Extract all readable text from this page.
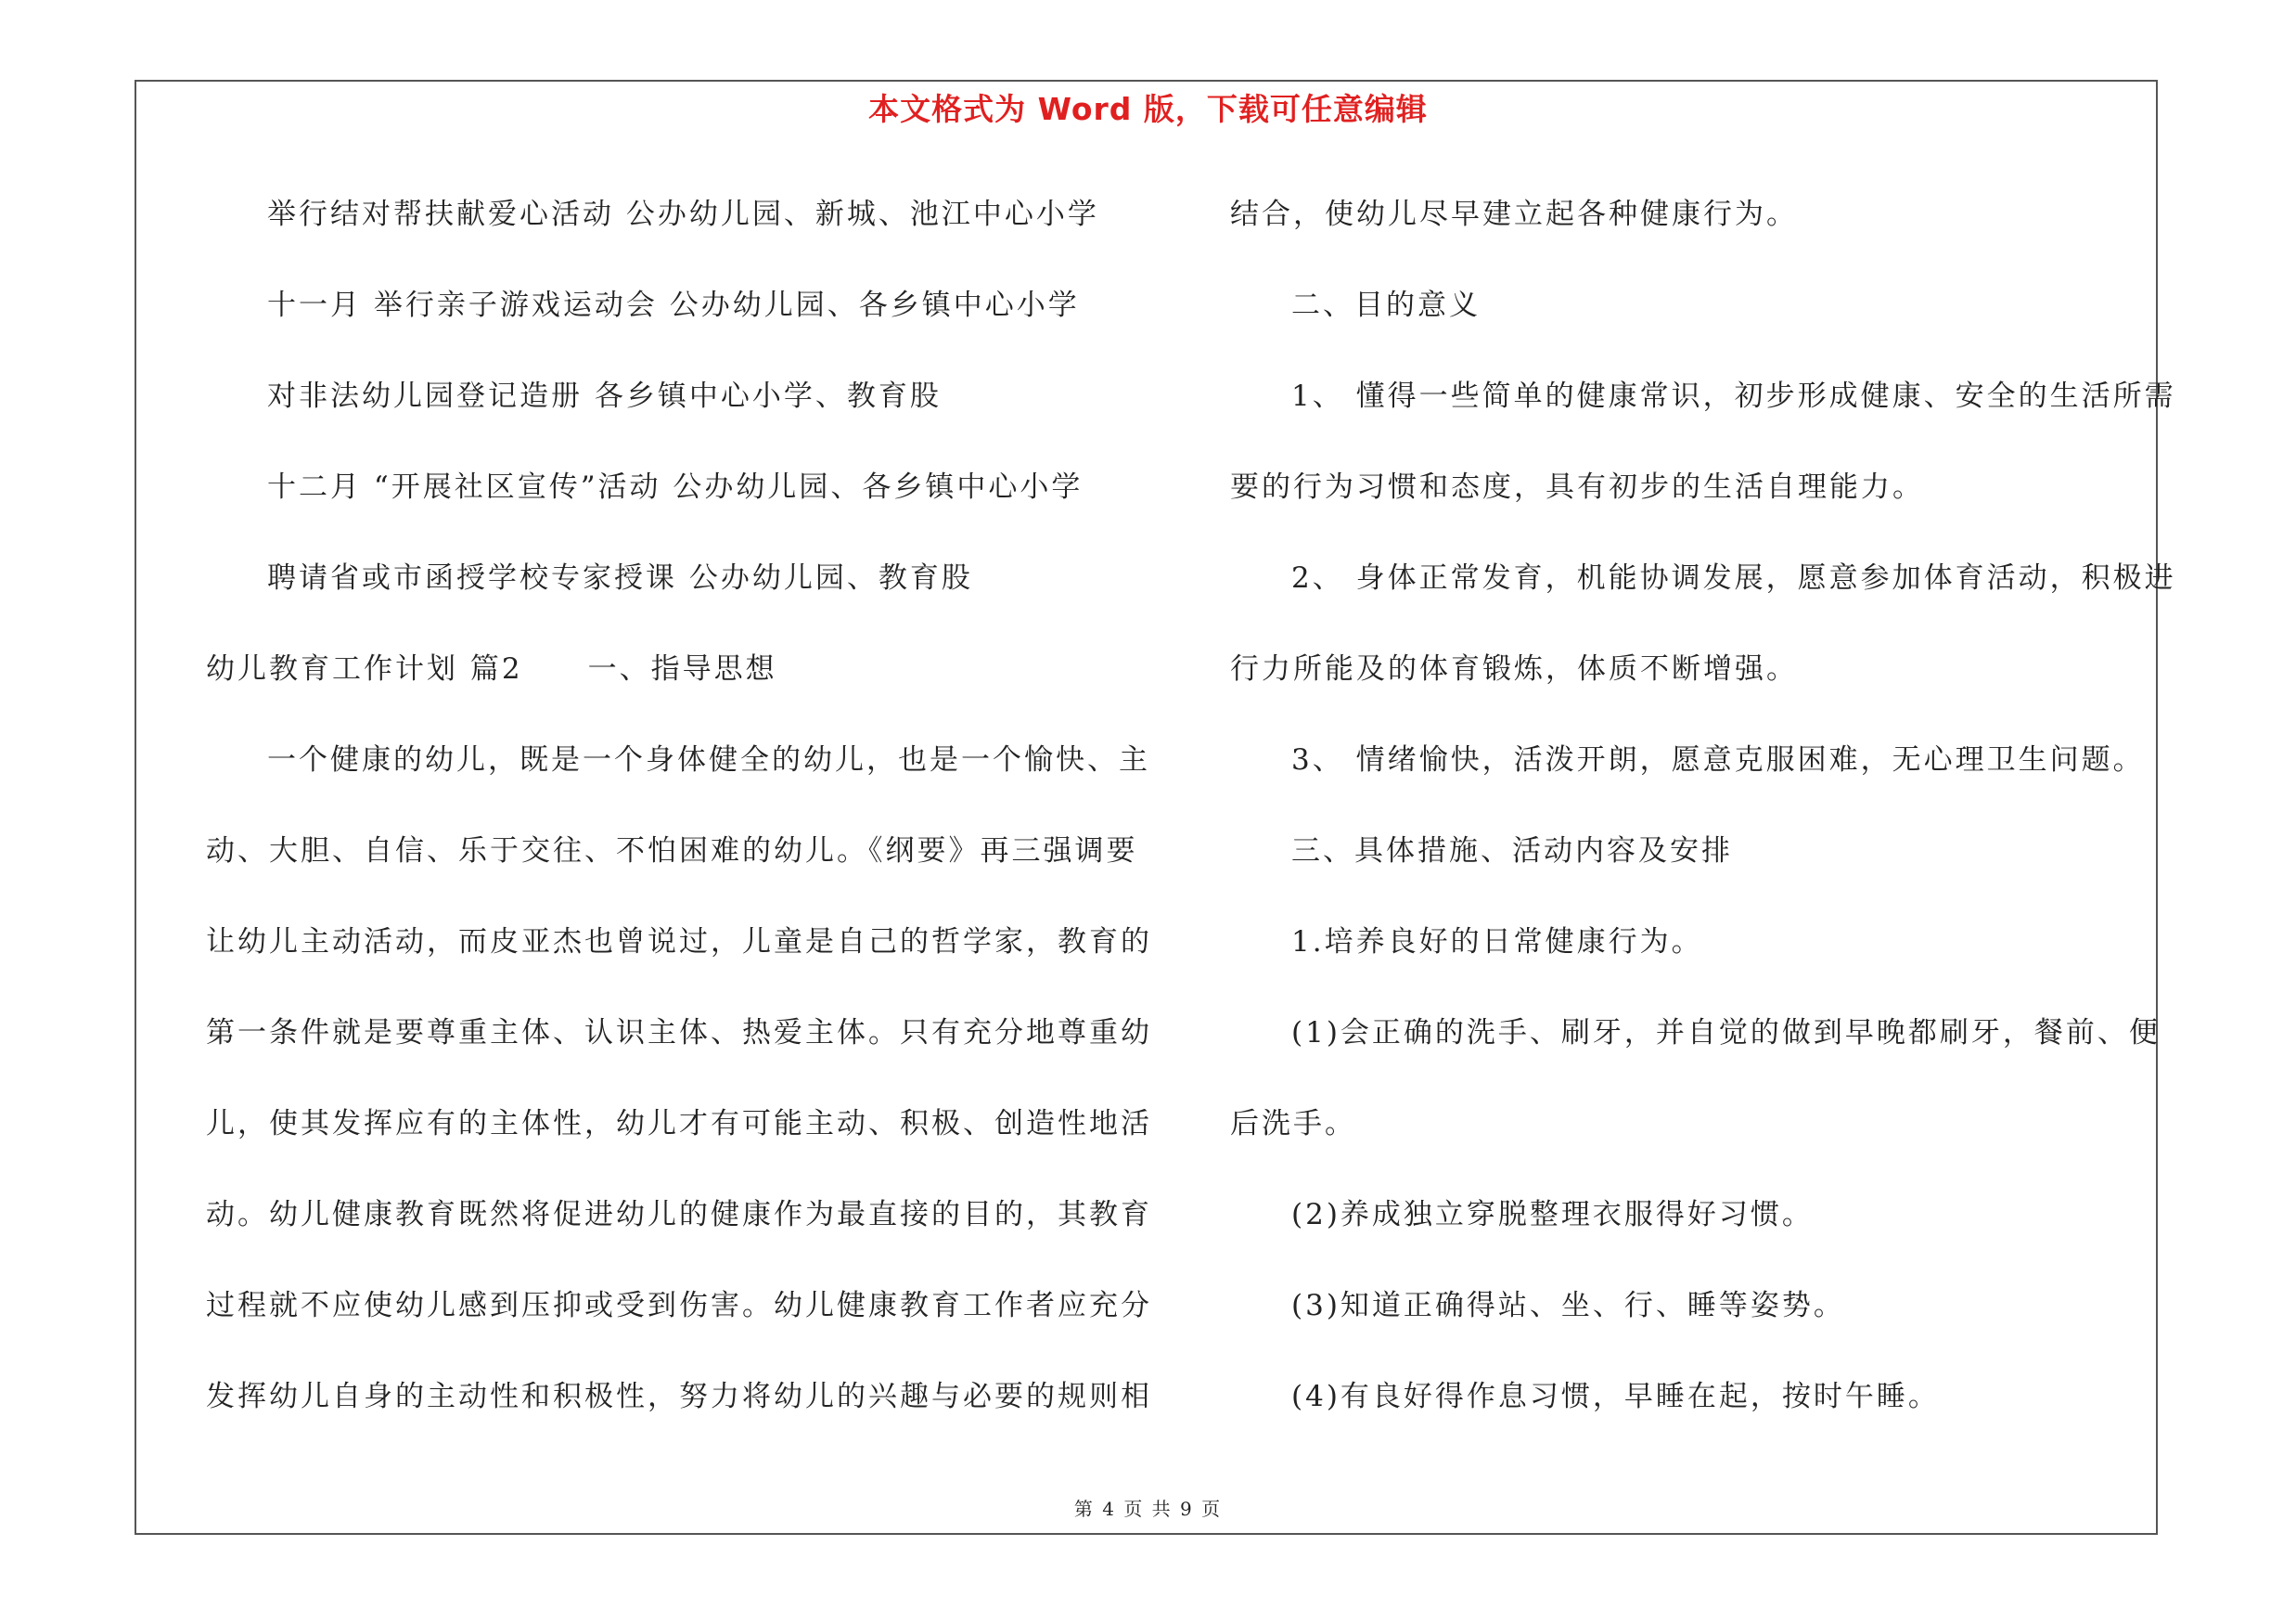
本文格式为 Word 版，下载可任意编辑
举行结对帮扶献爱心活动 公办幼儿园、新城、池江中心小学
十一月 举行亲子游戏运动会 公办幼儿园、各乡镇中心小学
对非法幼儿园登记造册 各乡镇中心小学、教育股
十二月 “开展社区宣传”活动 公办幼儿园、各乡镇中心小学
聘请省或市函授学校专家授课 公办幼儿园、教育股
幼儿教育工作计划 篇2 一、指导思想
一个健康的幼儿，既是一个身体健全的幼儿，也是一个愉快、主
动、大胆、自信、乐于交往、不怕困难的幼儿。《纲要》再三强调要
让幼儿主动活动，而皮亚杰也曾说过，儿童是自己的哲学家，教育的
第一条件就是要尊重主体、认识主体、热爱主体。只有充分地尊重幼
儿，使其发挥应有的主体性，幼儿才有可能主动、积极、创造性地活
动。幼儿健康教育既然将促进幼儿的健康作为最直接的目的，其教育
过程就不应使幼儿感到压抑或受到伤害。幼儿健康教育工作者应充分
发挥幼儿自身的主动性和积极性，努力将幼儿的兴趣与必要的规则相
结合，使幼儿尽早建立起各种健康行为。
二、目的意义
1、 懂得一些简单的健康常识，初步形成健康、安全的生活所需
要的行为习惯和态度，具有初步的生活自理能力。
2、 身体正常发育，机能协调发展，愿意参加体育活动，积极进
行力所能及的体育锻炼，体质不断增强。
3、 情绪愉快，活泼开朗，愿意克服困难，无心理卫生问题。
三、具体措施、活动内容及安排
1.培养良好的日常健康行为。
(1)会正确的洗手、刷牙，并自觉的做到早晚都刷牙，餐前、便
后洗手。
(2)养成独立穿脱整理衣服得好习惯。
(3)知道正确得站、坐、行、睡等姿势。
(4)有良好得作息习惯，早睡在起，按时午睡。
第 4 页 共 9 页
